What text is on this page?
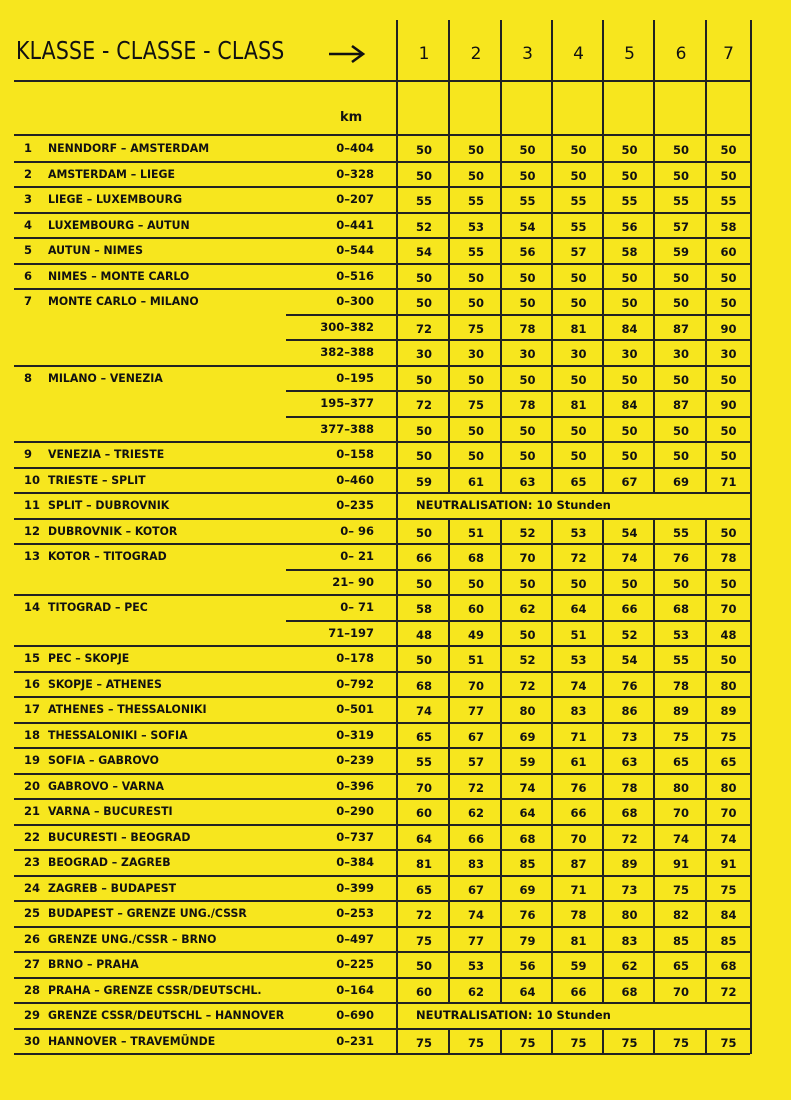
KLASSE - CLASSE - CLASS
km
1	2	3	4	5	6	7
1 NENNDORF – AMSTERDAM	0–404	50	50	50	50	50	50	50
2 AMSTERDAM – LIEGE	0–328	50	50	50	50	50	50	50
3 LIEGE – LUXEMBOURG	0–207	55	55	55	55	55	55	55
4 LUXEMBOURG – AUTUN	0–441	52	53	54	55	56	57	58
5 AUTUN – NIMES	0–544	54	55	56	57	58	59	60
6 NIMES – MONTE CARLO	0–516	50	50	50	50	50	50	50
7 MONTE CARLO – MILANO	0–300	50	50	50	50	50	50	50
300–382	72	75	78	81	84	87	90
382–388	30	30	30	30	30	30	30
8 MILANO – VENEZIA	0–195	50	50	50	50	50	50	50
195–377	72	75	78	81	84	87	90
377–388	50	50	50	50	50	50	50
9 VENEZIA – TRIESTE	0–158	50	50	50	50	50	50	50
10 TRIESTE – SPLIT	0–460	59	61	63	65	67	69	71
11 SPLIT – DUBROVNIK	0–235	NEUTRALISATION: 10 Stunden
12 DUBROVNIK – KOTOR	0– 96	50	51	52	53	54	55	50
13 KOTOR – TITOGRAD	0– 21	66	68	70	72	74	76	78
21– 90	50	50	50	50	50	50	50
14 TITOGRAD – PEC	0– 71	58	60	62	64	66	68	70
71–197	48	49	50	51	52	53	48
15 PEC – SKOPJE	0–178	50	51	52	53	54	55	50
16 SKOPJE – ATHENES	0–792	68	70	72	74	76	78	80
17 ATHENES – THESSALONIKI	0–501	74	77	80	83	86	89	89
18 THESSALONIKI – SOFIA	0–319	65	67	69	71	73	75	75
19 SOFIA – GABROVO	0–239	55	57	59	61	63	65	65
20 GABROVO – VARNA	0–396	70	72	74	76	78	80	80
21 VARNA – BUCURESTI	0–290	60	62	64	66	68	70	70
22 BUCURESTI – BEOGRAD	0–737	64	66	68	70	72	74	74
23 BEOGRAD – ZAGREB	0–384	81	83	85	87	89	91	91
24 ZAGREB – BUDAPEST	0–399	65	67	69	71	73	75	75
25 BUDAPEST – GRENZE UNG./CSSR	0–253	72	74	76	78	80	82	84
26 GRENZE UNG./CSSR – BRNO	0–497	75	77	79	81	83	85	85
27 BRNO – PRAHA	0–225	50	53	56	59	62	65	68
28 PRAHA – GRENZE CSSR/DEUTSCHL.	0–164	60	62	64	66	68	70	72
29 GRENZE CSSR/DEUTSCHL – HANNOVER	0–690	NEUTRALISATION: 10 Stunden
30 HANNOVER – TRAVEMÜNDE	0–231	75	75	75	75	75	75	75
